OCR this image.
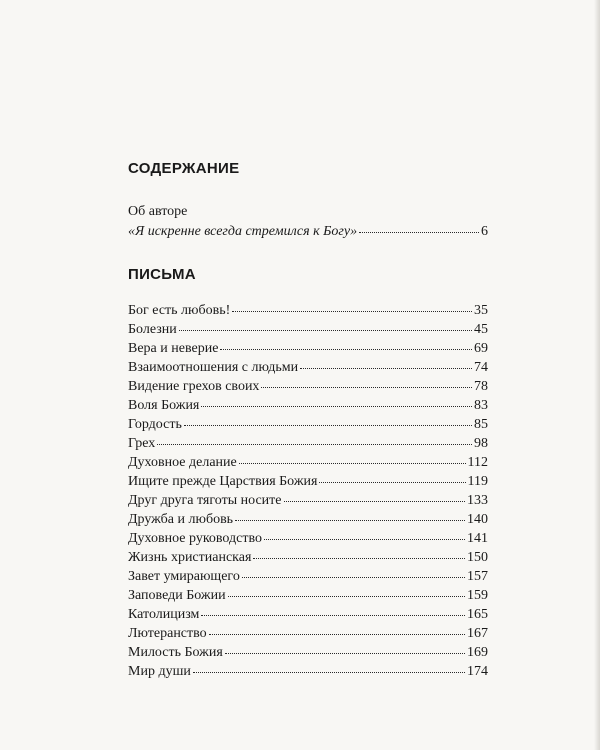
СОДЕРЖАНИЕ
Об авторе
«Я искренне всегда стремился к Богу»	6
ПИСЬМА
Бог есть любовь!	35
Болезни	45
Вера и неверие	69
Взаимоотношения с людьми	74
Видение грехов своих	78
Воля Божия	83
Гордость	85
Грех	98
Духовное делание	112
Ищите прежде Царствия Божия	119
Друг друга тяготы носите	133
Дружба и любовь	140
Духовное руководство	141
Жизнь христианская	150
Завет умирающего	157
Заповеди Божии	159
Католицизм	165
Лютеранство	167
Милость Божия	169
Мир души	174
